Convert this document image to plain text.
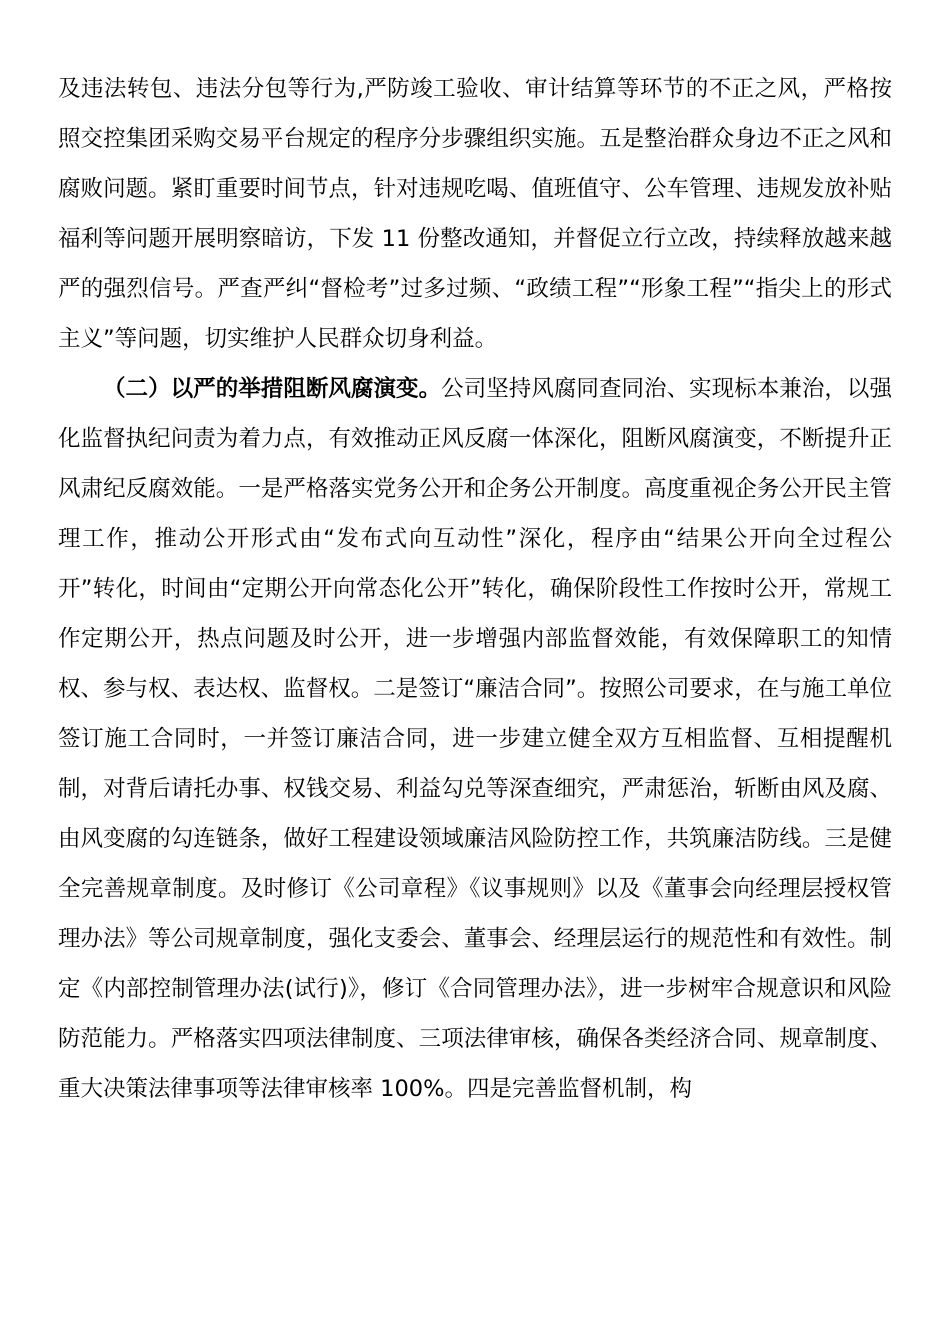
及违法转包、违法分包等行为,严防竣工验收、审计结算等环节的不正之风，严格按照交控集团采购交易平台规定的程序分步骤组织实施。五是整治群众身边不正之风和腐败问题。紧盯重要时间节点，针对违规吃喝、值班值守、公车管理、违规发放补贴福利等问题开展明察暗访，下发 11 份整改通知，并督促立行立改，持续释放越来越严的强烈信号。严查严纠“督检考”过多过频、“政绩工程”“形象工程”“指尖上的形式主义”等问题，切实维护人民群众切身利益。

（二）以严的举措阻断风腐演变。公司坚持风腐同查同治、实现标本兼治，以强化监督执纪问责为着力点，有效推动正风反腐一体深化，阻断风腐演变，不断提升正风肃纪反腐效能。一是严格落实党务公开和企务公开制度。高度重视企务公开民主管理工作，推动公开形式由“发布式向互动性”深化，程序由“结果公开向全过程公开”转化，时间由“定期公开向常态化公开”转化，确保阶段性工作按时公开，常规工作定期公开，热点问题及时公开，进一步增强内部监督效能，有效保障职工的知情权、参与权、表达权、监督权。二是签订“廉洁合同”。按照公司要求，在与施工单位签订施工合同时，一并签订廉洁合同，进一步建立健全双方互相监督、互相提醒机制，对背后请托办事、权钱交易、利益勾兑等深查细究，严肃惩治，斩断由风及腐、由风变腐的勾连链条，做好工程建设领域廉洁风险防控工作，共筑廉洁防线。三是健全完善规章制度。及时修订《公司章程》《议事规则》以及《董事会向经理层授权管理办法》等公司规章制度，强化支委会、董事会、经理层运行的规范性和有效性。制定《内部控制管理办法(试行)》，修订《合同管理办法》，进一步树牢合规意识和风险防范能力。严格落实四项法律制度、三项法律审核，确保各类经济合同、规章制度、重大决策法律事项等法律审核率 100%。四是完善监督机制，构
